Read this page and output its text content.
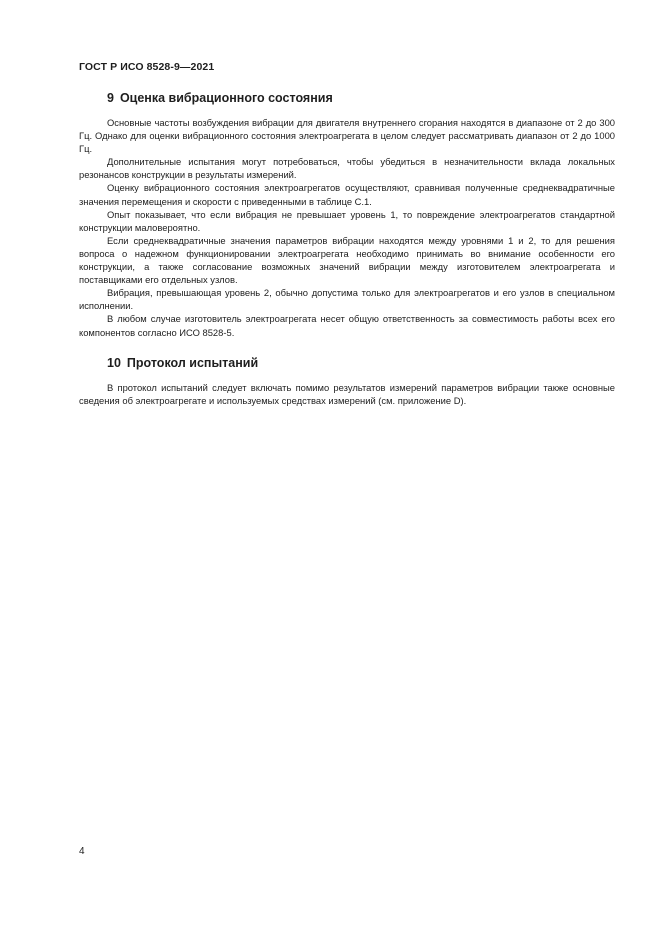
ГОСТ Р ИСО 8528-9—2021
9 Оценка вибрационного состояния

Основные частоты возбуждения вибрации для двигателя внутреннего сгорания находятся в диапазоне от 2 до 300 Гц. Однако для оценки вибрационного состояния электроагрегата в целом следует рассматривать диапазон от 2 до 1000 Гц.

Дополнительные испытания могут потребоваться, чтобы убедиться в незначительности вклада локальных резонансов конструкции в результаты измерений.

Оценку вибрационного состояния электроагрегатов осуществляют, сравнивая полученные среднеквадратичные значения перемещения и скорости с приведенными в таблице С.1.

Опыт показывает, что если вибрация не превышает уровень 1, то повреждение электроагрегатов стандартной конструкции маловероятно.

Если среднеквадратичные значения параметров вибрации находятся между уровнями 1 и 2, то для решения вопроса о надежном функционировании электроагрегата необходимо принимать во внимание особенности его конструкции, а также согласование возможных значений вибрации между изготовителем электроагрегата и поставщиками его отдельных узлов.

Вибрация, превышающая уровень 2, обычно допустима только для электроагрегатов и его узлов в специальном исполнении.

В любом случае изготовитель электроагрегата несет общую ответственность за совместимость работы всех его компонентов согласно ИСО 8528-5.

10 Протокол испытаний

В протокол испытаний следует включать помимо результатов измерений параметров вибрации также основные сведения об электроагрегате и используемых средствах измерений (см. приложение D).

4
